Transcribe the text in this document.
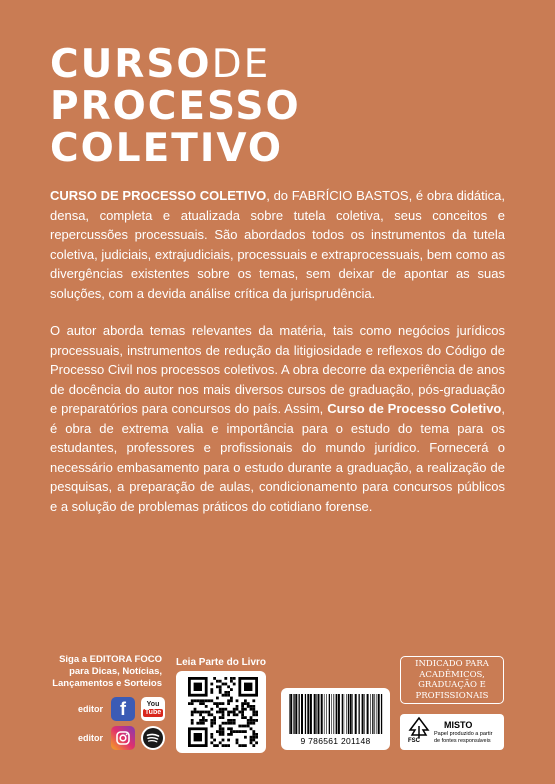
CURSODE
PROCESSO
COLETIVO
CURSO DE PROCESSO COLETIVO, do FABRÍCIO BASTOS, é obra didática, densa, completa e atualizada sobre tutela coletiva, seus conceitos e repercussões processuais. São abordados todos os instrumentos da tutela coletiva, judiciais, extrajudiciais, processuais e extraprocessuais, bem como as divergências existentes sobre os temas, sem deixar de apontar as suas soluções, com a devida análise crítica da jurisprudência.
O autor aborda temas relevantes da matéria, tais como negócios jurídicos processuais, instrumentos de redução da litigiosidade e reflexos do Código de Processo Civil nos processos coletivos. A obra decorre da experiência de anos de docência do autor nos mais diversos cursos de graduação, pós-graduação e preparatórios para concursos do país. Assim, Curso de Processo Coletivo, é obra de extrema valia e importância para o estudo do tema para os estudantes, professores e profissionais do mundo jurídico. Fornecerá o necessário embasamento para o estudo durante a graduação, a realização de pesquisas, a preparação de aulas, condicionamento para concursos públicos e a solução de problemas práticos do cotidiano forense.
Siga a EDITORA FOCO
para Dicas, Notícias,
Lançamentos e Sorteios
editor f	You
Tube
editor
Leia Parte do Livro
9 786561 201148
INDICADO PARA
ACADÊMICOS,
GRADUAÇÃO E
PROFISSIONAIS
FSC
MISTO
Papel produzido a partir de fontes responsáveis
